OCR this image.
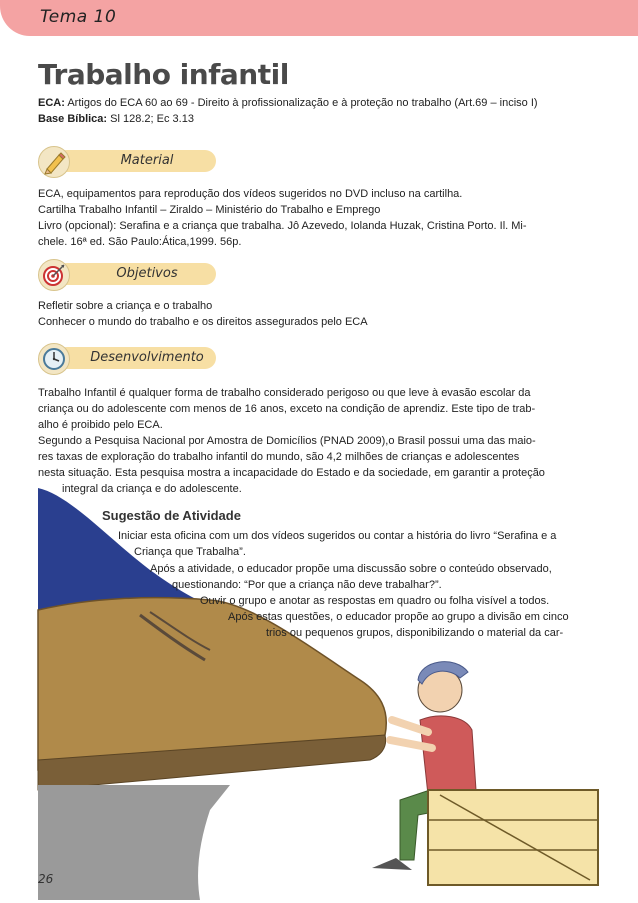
Tema 10
Trabalho infantil
ECA: Artigos do ECA 60 ao 69 - Direito à profissionalização e à proteção no trabalho (Art.69 – inciso I)
Base Bíblica: Sl 128.2; Ec 3.13
Material

ECA, equipamentos para reprodução dos vídeos sugeridos no DVD incluso na cartilha.

Cartilha Trabalho Infantil – Ziraldo – Ministério do Trabalho e Emprego

Livro (opcional): Serafina e a criança que trabalha. Jô Azevedo, Iolanda Huzak, Cristina Porto. Il. Mi-

chele. 16ª ed. São Paulo:Ática,1999. 56p.

Objetivos

Refletir sobre a criança e o trabalho

Conhecer o mundo do trabalho e os direitos assegurados pelo ECA

Desenvolvimento

Trabalho Infantil é qualquer forma de trabalho considerado perigoso ou que leve à evasão escolar da

criança ou do adolescente com menos de 16 anos, exceto na condição de aprendiz. Este tipo de trab-

alho é proibido pelo ECA.

Segundo a Pesquisa Nacional por Amostra de Domicílios (PNAD 2009),o Brasil possui uma das maio-

res taxas de exploração do trabalho infantil do mundo, são 4,2 milhões de crianças e adolescentes

nesta situação. Esta pesquisa mostra a incapacidade do Estado e da sociedade, em garantir a proteção

integral da criança e do adolescente.

Sugestão de Atividade
Iniciar esta oficina com um dos vídeos sugeridos ou contar a história do livro “Serafina e a
Criança que Trabalha”.
Após a atividade, o educador propõe uma discussão sobre o conteúdo observado,
questionando: “Por que a criança não deve trabalhar?”.
Ouvir o grupo e anotar as respostas em quadro ou folha visível a todos.
Após estas questões, o educador propõe ao grupo a divisão em cinco
trios ou pequenos grupos, disponibilizando o material da car-
26
